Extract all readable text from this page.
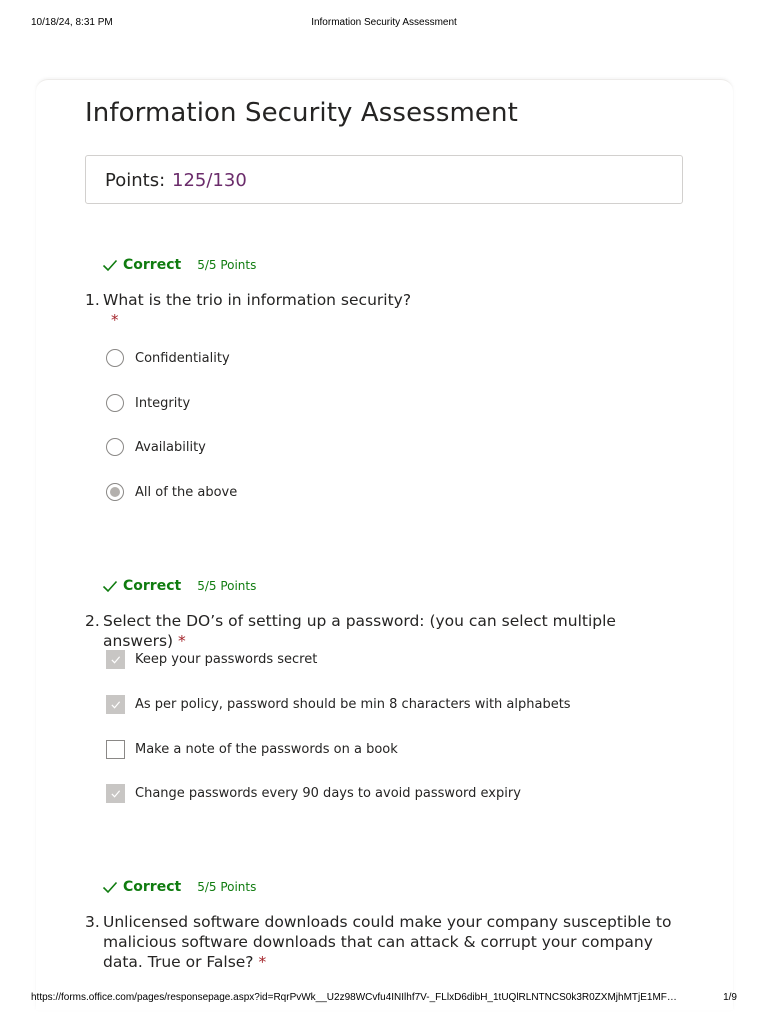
10/18/24, 8:31 PM	Information Security Assessment
Information Security Assessment
Points: 125/130
Correct 5/5 Points
1. What is the trio in information security?
*
Confidentiality
Integrity
Availability
All of the above
Correct 5/5 Points
2. Select the DO’s of setting up a password: (you can select multiple answers) *
Keep your passwords secret
As per policy, password should be min 8 characters with alphabets
Make a note of the passwords on a book
Change passwords every 90 days to avoid password expiry
Correct 5/5 Points
3. Unlicensed software downloads could make your company susceptible to malicious software downloads that can attack & corrupt your company data. True or False? *
https://forms.office.com/pages/responsepage.aspx?id=RqrPvWk__U2z98WCvfu4INIlhf7V-_FLlxD6dibH_1tUQlRLNTNCS0k3R0ZXMjhMTjE1MF…	1/9
